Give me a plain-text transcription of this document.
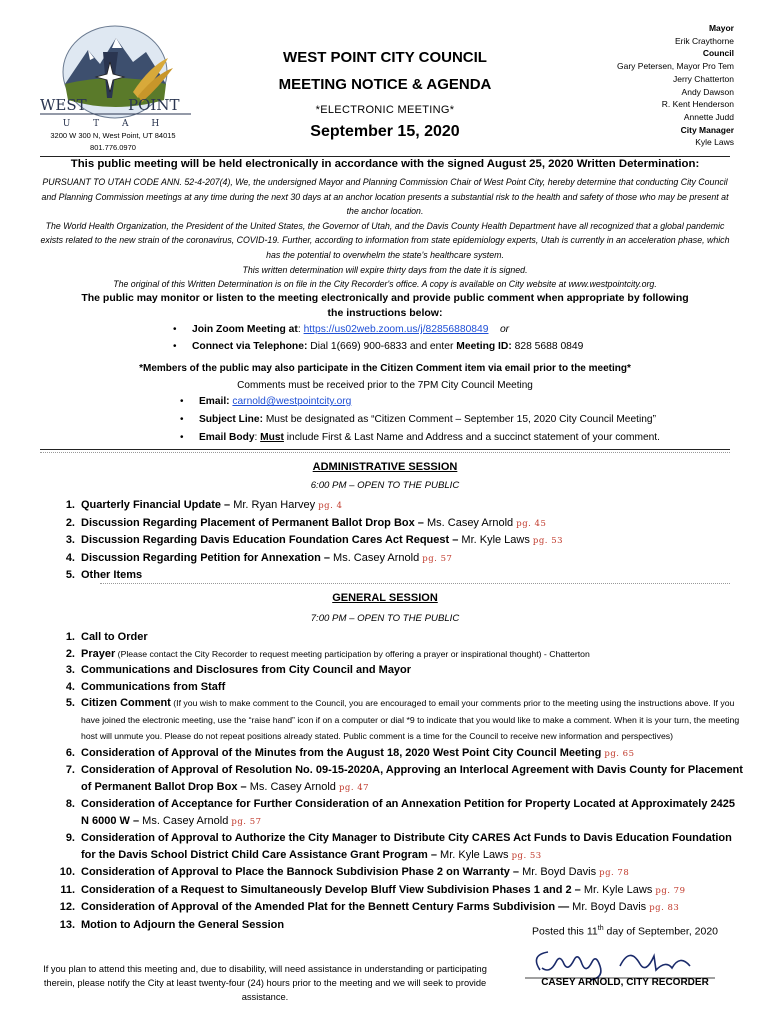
WEST	POINT
U T A H
3200 W 300 N, West Point, UT 84015
801.776.0970
WEST POINT CITY COUNCIL
MEETING NOTICE & AGENDA
*ELECTRONIC MEETING*
September 15, 2020
Mayor
Erik Craythorne
Council
Gary Petersen, Mayor Pro Tem
Jerry Chatterton
Andy Dawson
R. Kent Henderson
Annette Judd
City Manager
Kyle Laws
This public meeting will be held electronically in accordance with the signed August 25, 2020 Written Determination:
PURSUANT TO UTAH CODE ANN. 52-4-207(4), We, the undersigned Mayor and Planning Commission Chair of West Point City, hereby determine that conducting City Council and Planning Commission meetings at any time during the next 30 days at an anchor location presents a substantial risk to the health and safety of those who may be present at the anchor location.
The World Health Organization, the President of the United States, the Governor of Utah, and the Davis County Health Department have all recognized that a global pandemic exists related to the new strain of the coronavirus, COVID-19. Further, according to information from state epidemiology experts, Utah is currently in an acceleration phase, which has the potential to overwhelm the state's healthcare system.
This written determination will expire thirty days from the date it is signed.
The original of this Written Determination is on file in the City Recorder's office. A copy is available on City website at www.westpointcity.org.
The public may monitor or listen to the meeting electronically and provide public comment when appropriate by following the instructions below:
• Join Zoom Meeting at: https://us02web.zoom.us/j/82856880849 or
• Connect via Telephone: Dial 1(669) 900-6833 and enter Meeting ID: 828 5688 0849
*Members of the public may also participate in the Citizen Comment item via email prior to the meeting*
Comments must be received prior to the 7PM City Council Meeting
• Email: carnold@westpointcity.org
• Subject Line: Must be designated as “Citizen Comment – September 15, 2020 City Council Meeting”
• Email Body: Must include First & Last Name and Address and a succinct statement of your comment.
ADMINISTRATIVE SESSION
6:00 PM – OPEN TO THE PUBLIC
1. Quarterly Financial Update – Mr. Ryan Harvey pg. 4
2. Discussion Regarding Placement of Permanent Ballot Drop Box – Ms. Casey Arnold pg. 45
3. Discussion Regarding Davis Education Foundation Cares Act Request – Mr. Kyle Laws pg. 53
4. Discussion Regarding Petition for Annexation – Ms. Casey Arnold pg. 57
5. Other Items
GENERAL SESSION
7:00 PM – OPEN TO THE PUBLIC
1. Call to Order
2. Prayer (Please contact the City Recorder to request meeting participation by offering a prayer or inspirational thought) - Chatterton
3. Communications and Disclosures from City Council and Mayor
4. Communications from Staff
5. Citizen Comment (If you wish to make comment to the Council, you are encouraged to email your comments prior to the meeting using the instructions above. If you have joined the electronic meeting, use the “raise hand” icon if on a computer or dial *9 to indicate that you would like to make a comment. When it is your turn, the meeting host will unmute you. Please do not repeat positions already stated. Public comment is a time for the Council to receive new information and perspectives)
6. Consideration of Approval of the Minutes from the August 18, 2020 West Point City Council Meeting pg. 65
7. Consideration of Approval of Resolution No. 09-15-2020A, Approving an Interlocal Agreement with Davis County for Placement of Permanent Ballot Drop Box – Ms. Casey Arnold pg. 47
8. Consideration of Acceptance for Further Consideration of an Annexation Petition for Property Located at Approximately 2425 N 6000 W – Ms. Casey Arnold pg. 57
9. Consideration of Approval to Authorize the City Manager to Distribute City CARES Act Funds to Davis Education Foundation for the Davis School District Child Care Assistance Grant Program – Mr. Kyle Laws pg. 53
10. Consideration of Approval to Place the Bannock Subdivision Phase 2 on Warranty – Mr. Boyd Davis pg. 78
11. Consideration of a Request to Simultaneously Develop Bluff View Subdivision Phases 1 and 2 – Mr. Kyle Laws pg. 79
12. Consideration of Approval of the Amended Plat for the Bennett Century Farms Subdivision — Mr. Boyd Davis pg. 83
13. Motion to Adjourn the General Session
Posted this 11th day of September, 2020
CASEY ARNOLD, CITY RECORDER
If you plan to attend this meeting and, due to disability, will need assistance in understanding or participating therein, please notify the City at least twenty-four (24) hours prior to the meeting and we will seek to provide assistance.
